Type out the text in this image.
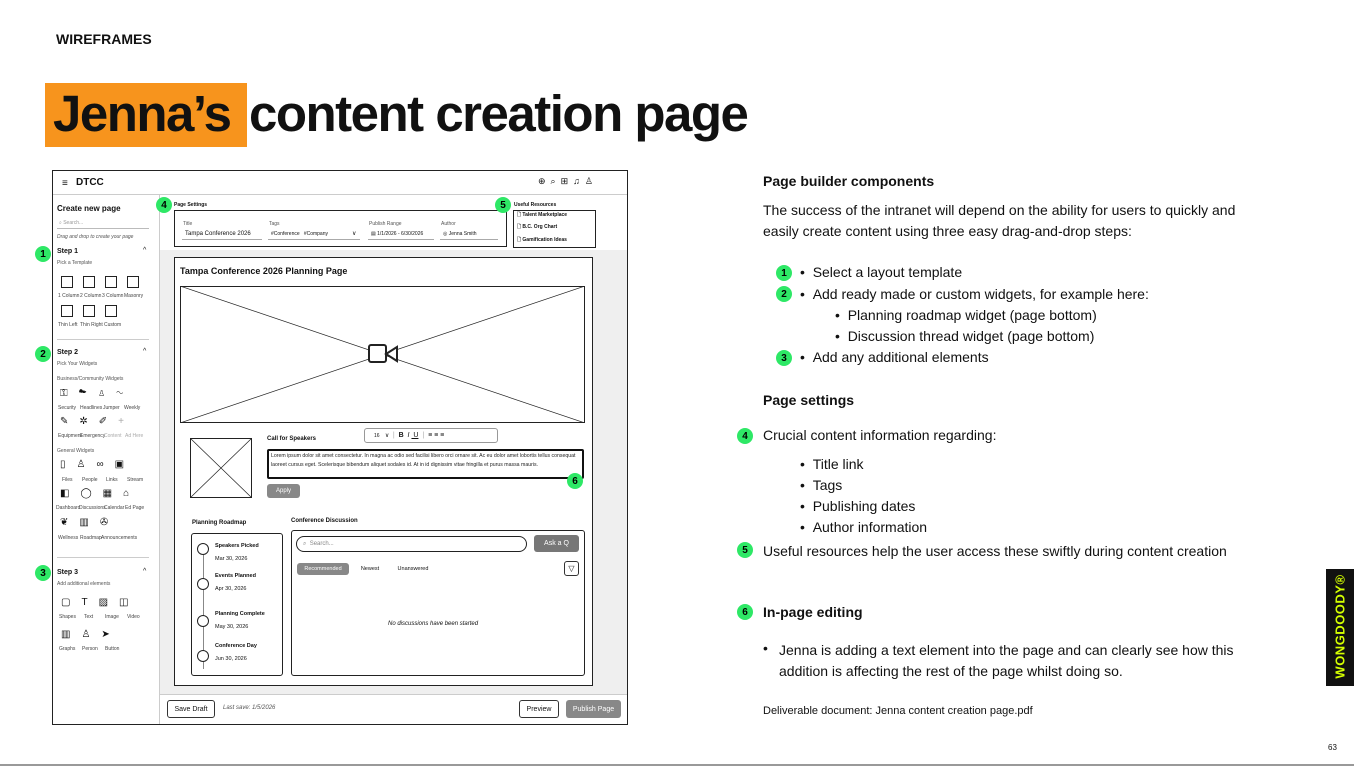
WIREFRAMES
Jenna’s content creation page
≡ DTCC	⊕⌕⊞♫♙
Create new page
⌕ Search...
Drag and drop to create your page
Step 1	^
Pick a Template
1 Column 2 Column 3 Column Masonry
Thin Left Thin Right Custom
Step 2	^
Pick Your Widgets
Business/Community Widgets
⚿☁♙∿
Security Headlines Jumper Weekly
✎✲✐+
Equipment
Emergency
Content Ad Here
General Widgets
▯♙∞▣
Files People Links Stream
◧◯▦⌂
Dashboard
Discussions
Calendar Ed Page
❦▥✇
Wellness Roadmap Announcements
Step 3	^
Add additional elements
▢T▨◫
Shapes Text Image Video
▥♙➤
Graphs Person Button
Page Settings
Title
Tampa Conference 2026
Tags
#Conference #Company	∨
Publish Range
▤ 1/1/2026 - 6/30/2026
Author
◎ Jenna Smith
Useful Resources
🗋 Talent Marketplace
🗋 B.C. Org Chart
🗋 Gamification Ideas
Tampa Conference 2026 Planning Page
Call for Speakers	16   ∨  |  B  I  U  |  ≡ ≡ ≡
Lorem ipsum dolor sit amet consectetur. In magna ac odio sed facilisi libero orci ornare sit. Ac eu dolor amet lobortis tellus consequat laoreet cursus eget. Scelerisque bibendum aliquet sodales id. At in id dignissim vitae fringilla et purus massa mauris.
Apply
Planning Roadmap
Speakers Picked
Mar 30, 2026
Events Planned
Apr 30, 2026
Planning Complete
May 30, 2026
Conference Day
Jun 30, 2026
Conference Discussion
⌕  Search...	Ask a Q
Recommended	Newest	Unanswered	▽
No discussions have been started
Save Draft	Last save: 1/5/2026	Preview	Publish Page
1
2
3
4	5
6
Page builder components
The success of the intranet will depend on the ability for users to quickly and easily create content using three easy drag-and-drop steps:
1 •  Select a layout template
2 •  Add ready made or custom widgets, for example here:
•  Planning roadmap widget (page bottom)
•  Discussion thread widget (page bottom)
3 •  Add any additional elements
Page settings
4	Crucial content information regarding:
•  Title link
•  Tags
•  Publishing dates
•  Author information
5	Useful resources help the user access these swiftly during content creation
6	In-page editing
• Jenna is adding a text element into the page and can clearly see how this addition is affecting the rest of the page whilst doing so.
Deliverable document: Jenna content creation page.pdf
WONGDOODY®
63
